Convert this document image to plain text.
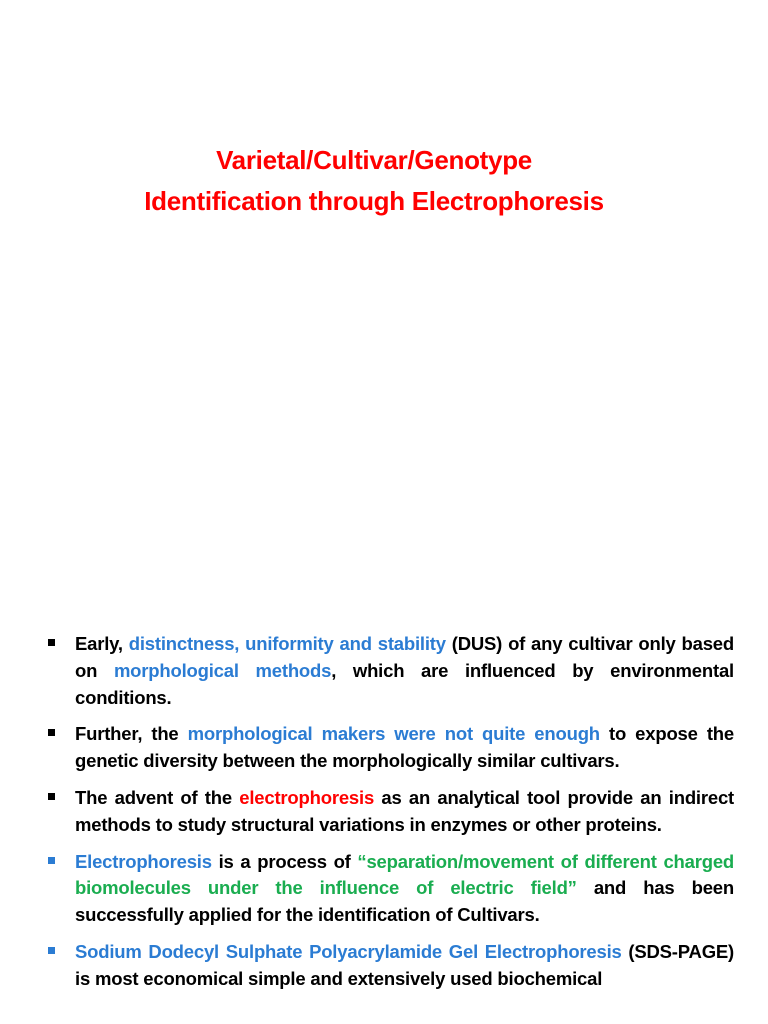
Varietal/Cultivar/Genotype
Identification through Electrophoresis
Early, distinctness, uniformity and stability (DUS) of any cultivar only based on morphological methods, which are influenced by environmental conditions.
Further, the morphological makers were not quite enough to expose the genetic diversity between the morphologically similar cultivars.
The advent of the electrophoresis as an analytical tool provide an indirect methods to study structural variations in enzymes or other proteins.
Electrophoresis is a process of “separation/movement of different charged biomolecules under the influence of electric field” and has been successfully applied for the identification of Cultivars.
Sodium Dodecyl Sulphate Polyacrylamide Gel Electrophoresis (SDS-PAGE) is most economical simple and extensively used biochemical
